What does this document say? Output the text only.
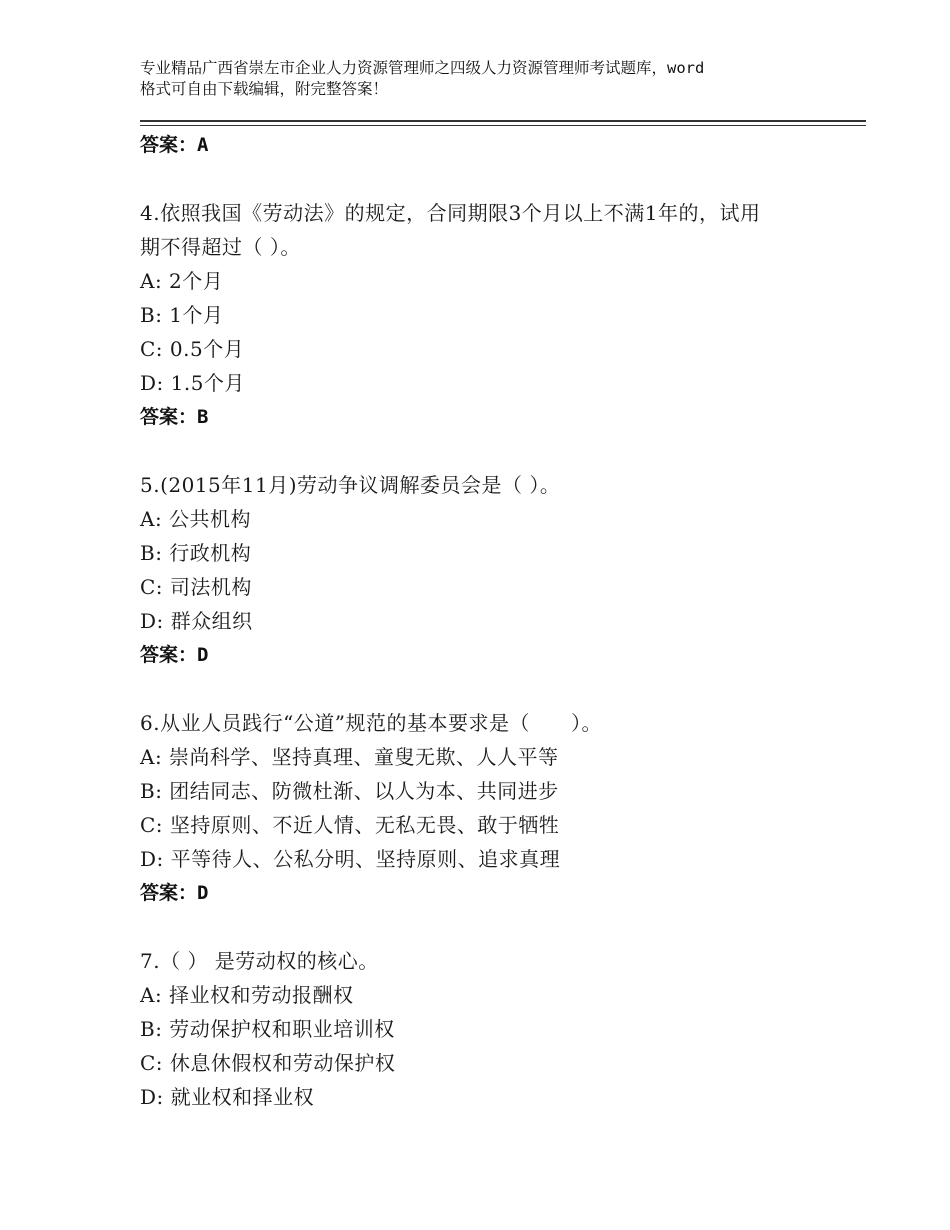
专业精品广西省崇左市企业人力资源管理师之四级人力资源管理师考试题库，word
格式可自由下载编辑，附完整答案！
答案：A
4.依照我国《劳动法》的规定，合同期限3个月以上不满1年的，试用
期不得超过（ ）。
A: 2个月
B: 1个月
C: 0.5个月
D: 1.5个月
答案：B
5.(2015年11月)劳动争议调解委员会是（ ）。
A: 公共机构
B: 行政机构
C: 司法机构
D: 群众组织
答案：D
6.从业人员践行“公道”规范的基本要求是（　　）。
A: 崇尚科学、坚持真理、童叟无欺、人人平等
B: 团结同志、防微杜渐、以人为本、共同进步
C: 坚持原则、不近人情、无私无畏、敢于牺牲
D: 平等待人、公私分明、坚持原则、追求真理
答案：D
7.（ ） 是劳动权的核心。
A: 择业权和劳动报酬权
B: 劳动保护权和职业培训权
C: 休息休假权和劳动保护权
D: 就业权和择业权
